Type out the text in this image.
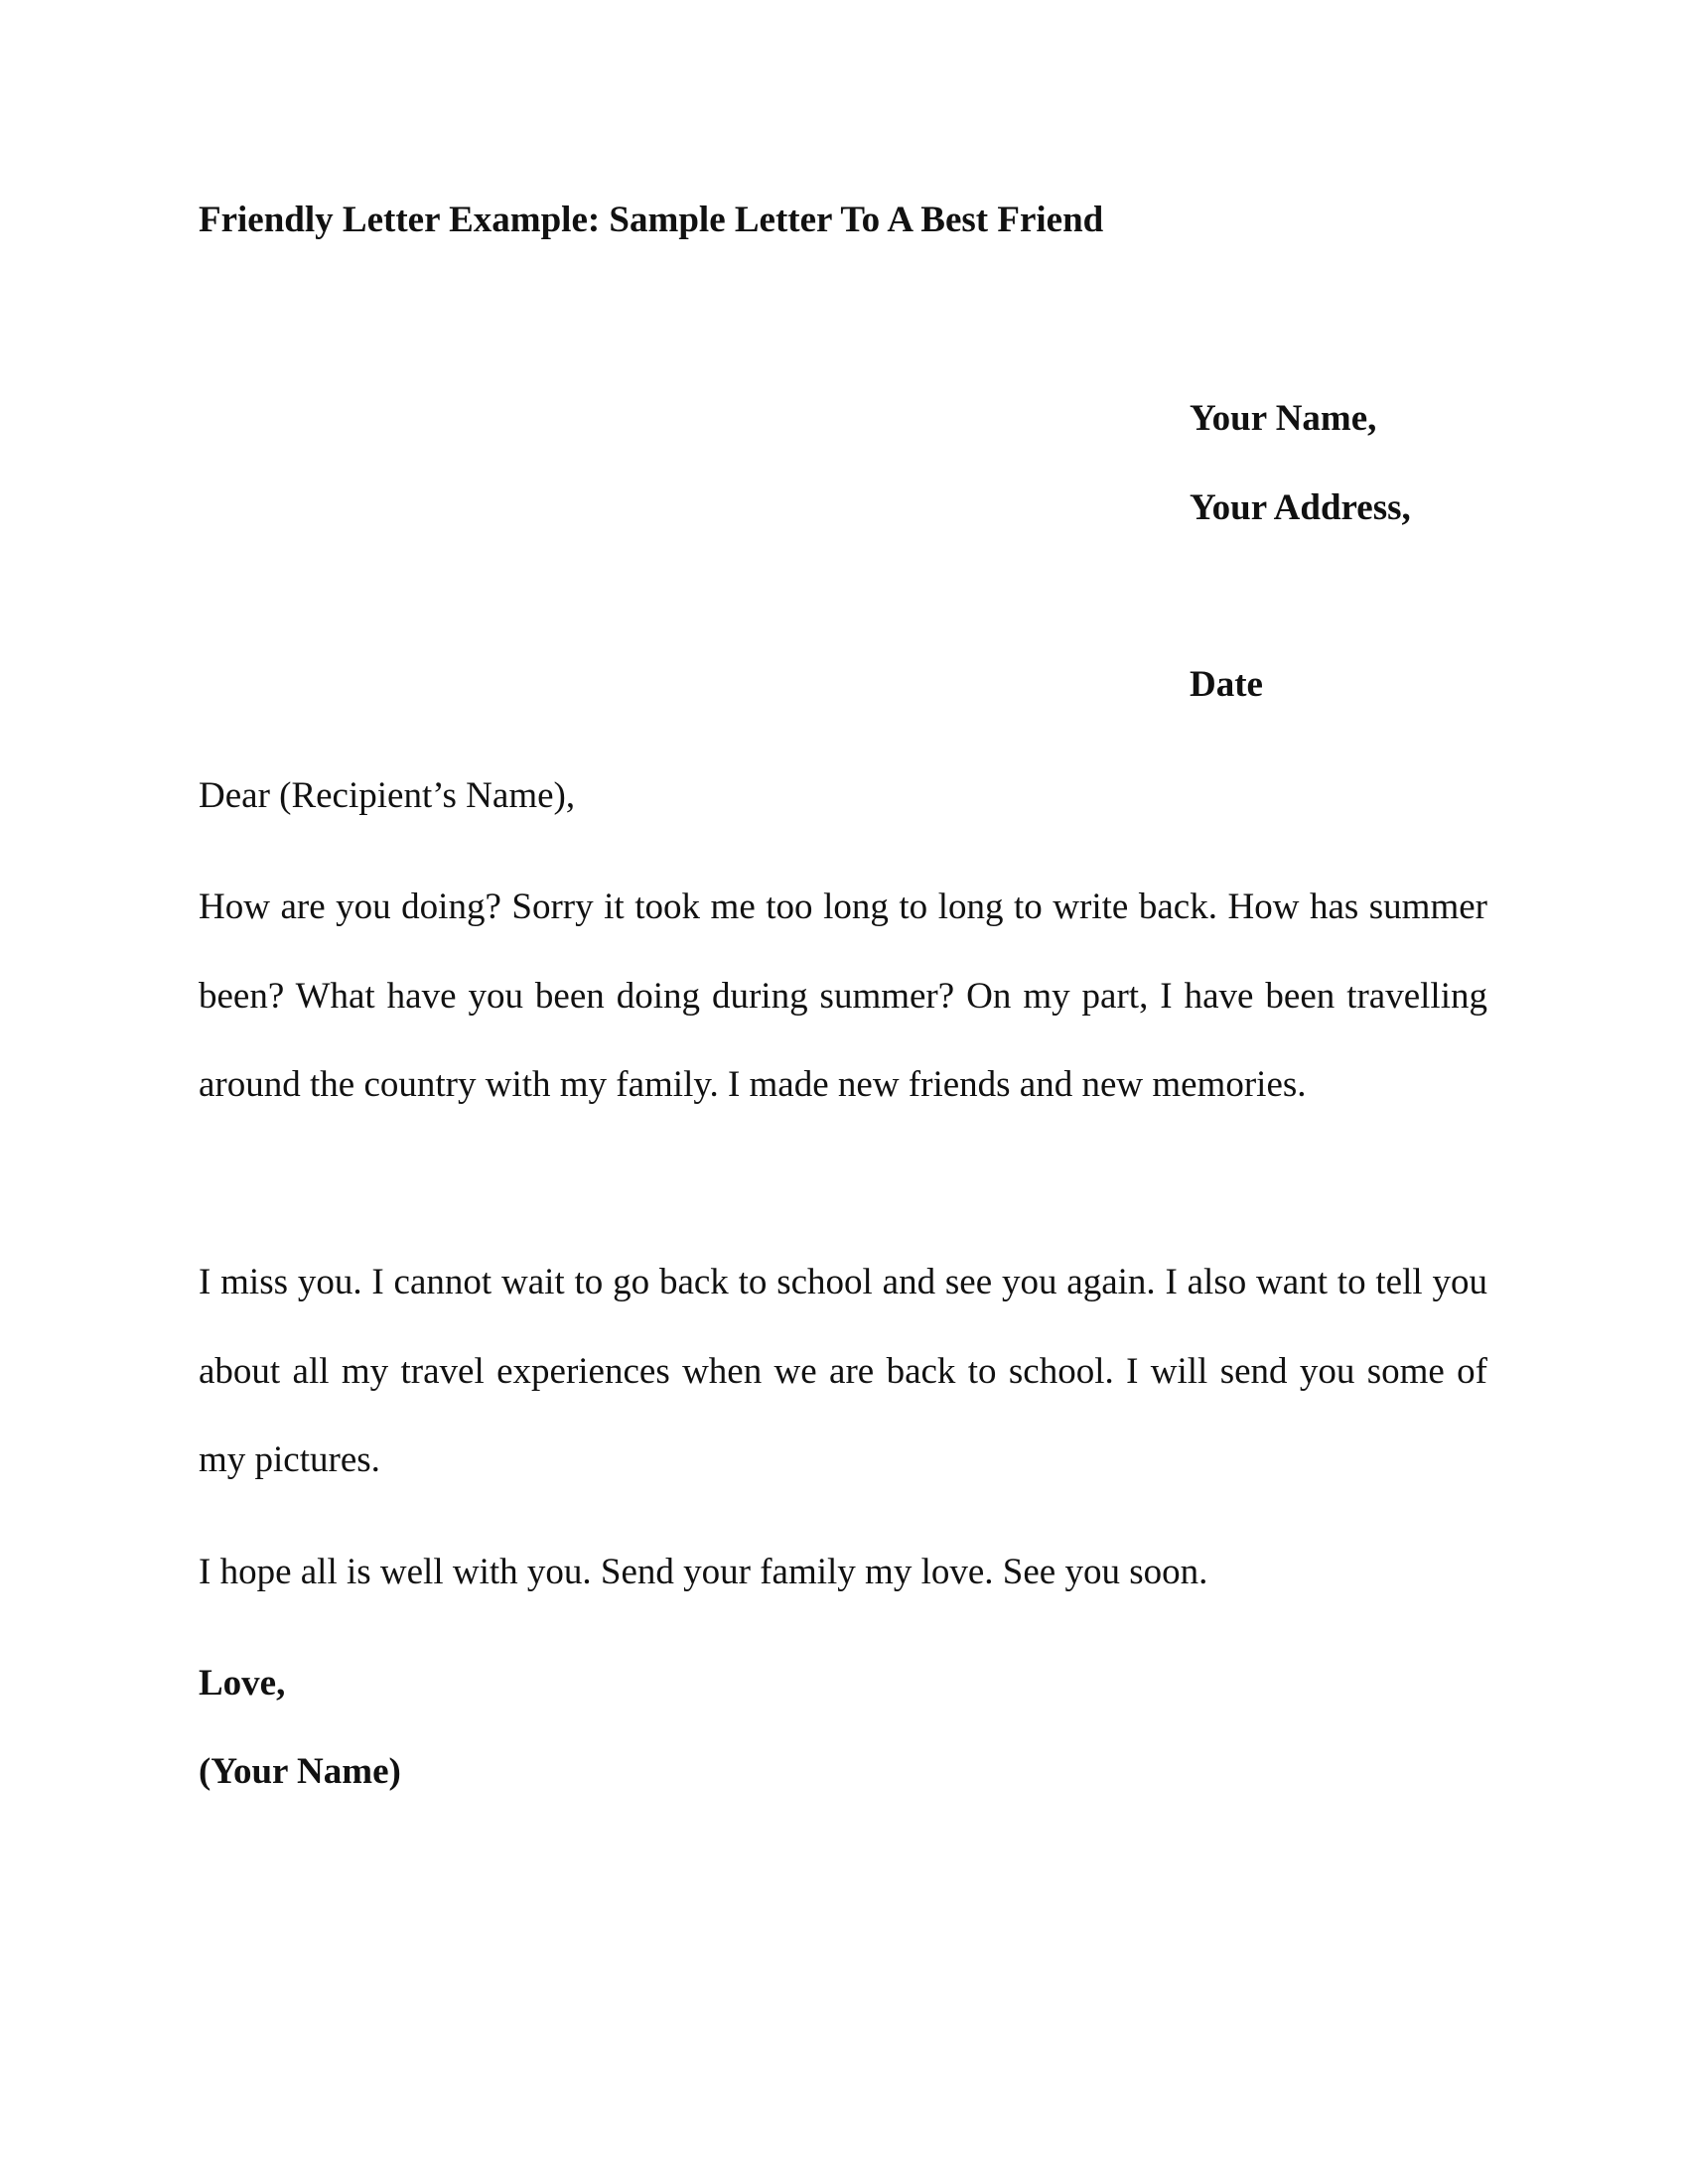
Friendly Letter Example: Sample Letter To A Best Friend
Your Name,
Your Address,
Date
Dear (Recipient’s Name),

How are you doing? Sorry it took me too long to long to write back. How has summer been? What have you been doing during summer? On my part, I have been travelling around the country with my family. I made new friends and new memories.

I miss you. I cannot wait to go back to school and see you again. I also want to tell you about all my travel experiences when we are back to school. I will send you some of my pictures.

I hope all is well with you. Send your family my love. See you soon.

Love,
(Your Name)
